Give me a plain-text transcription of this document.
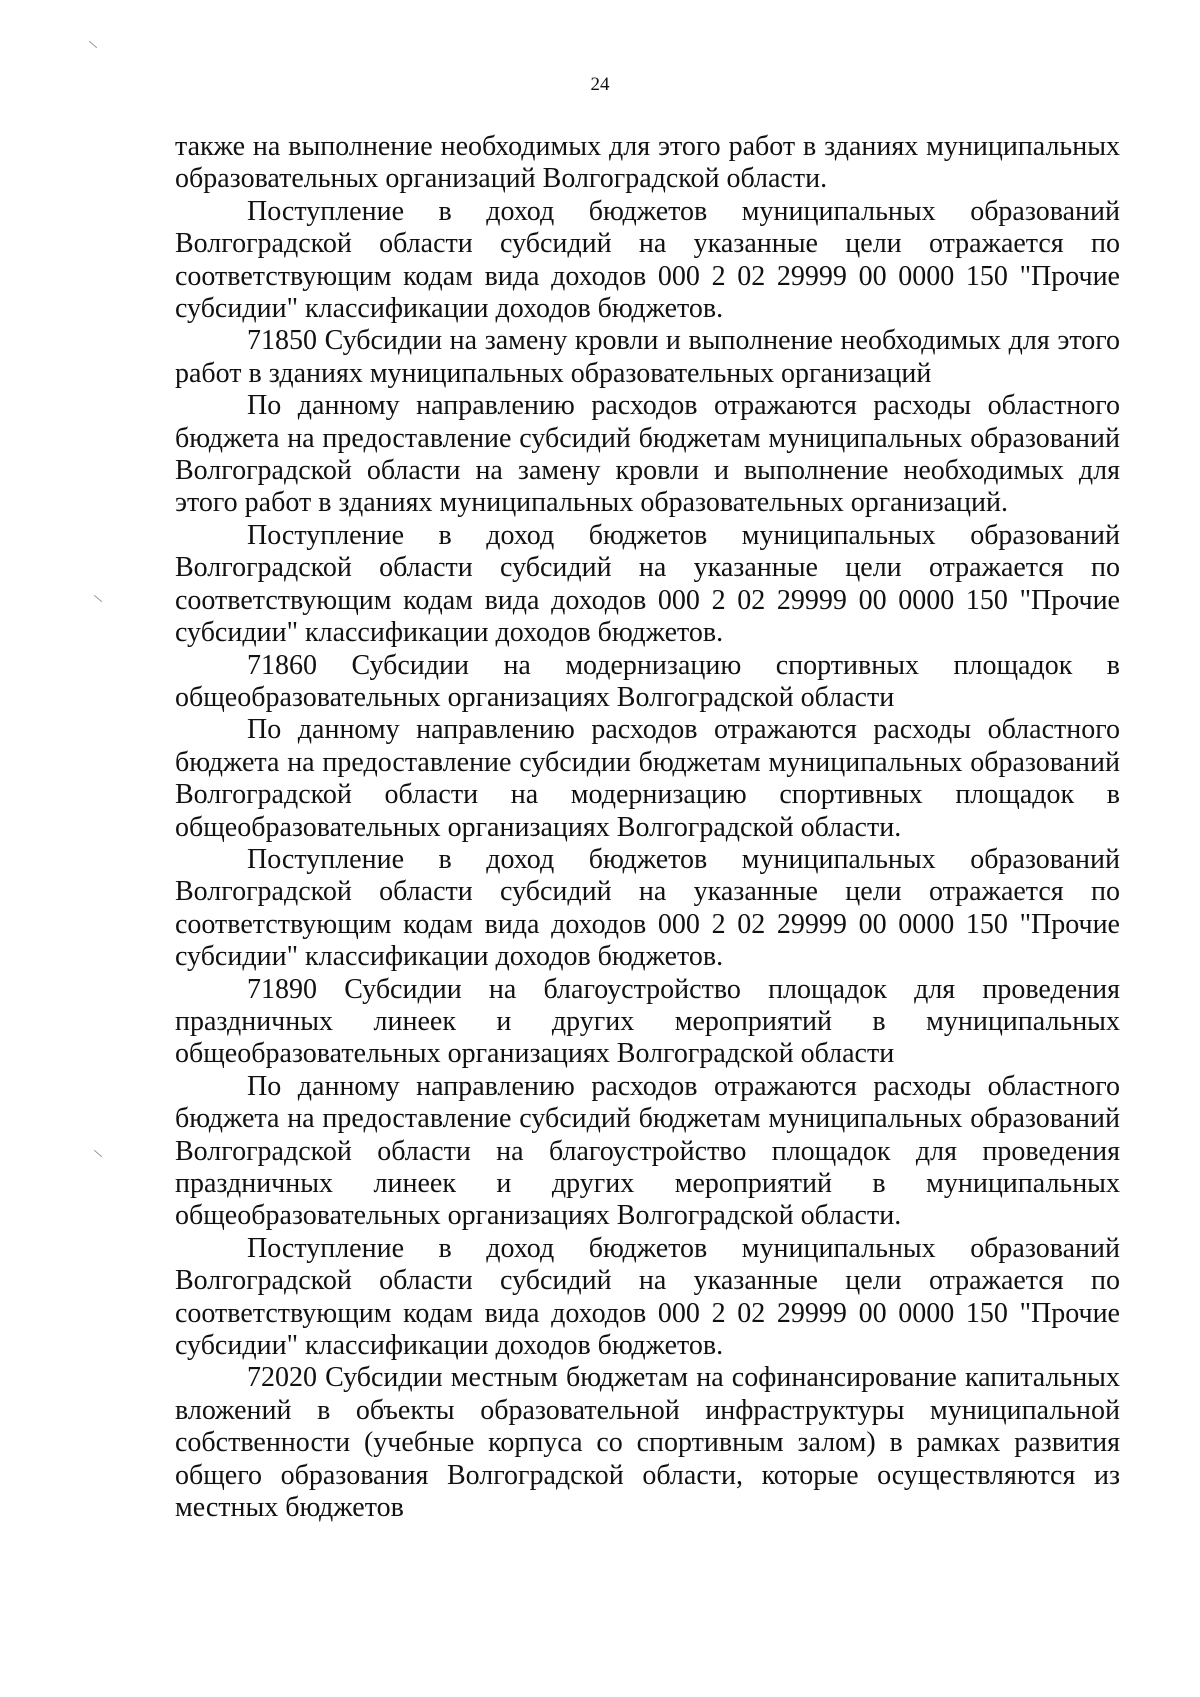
24

также на выполнение необходимых для этого работ в зданиях муниципальных образовательных организаций Волгоградской области.

Поступление в доход бюджетов муниципальных образований Волгоградской области субсидий на указанные цели отражается по соответствующим кодам вида доходов 000 2 02 29999 00 0000 150 "Прочие субсидии" классификации доходов бюджетов.

71850 Субсидии на замену кровли и выполнение необходимых для этого работ в зданиях муниципальных образовательных организаций

По данному направлению расходов отражаются расходы областного бюджета на предоставление субсидий бюджетам муниципальных образований Волгоградской области на замену кровли и выполнение необходимых для этого работ в зданиях муниципальных образовательных организаций.

Поступление в доход бюджетов муниципальных образований Волгоградской области субсидий на указанные цели отражается по соответствующим кодам вида доходов 000 2 02 29999 00 0000 150 "Прочие субсидии" классификации доходов бюджетов.

71860 Субсидии на модернизацию спортивных площадок в общеобразовательных организациях Волгоградской области

По данному направлению расходов отражаются расходы областного бюджета на предоставление субсидии бюджетам муниципальных образований Волгоградской области на модернизацию спортивных площадок в общеобразовательных организациях Волгоградской области.

Поступление в доход бюджетов муниципальных образований Волгоградской области субсидий на указанные цели отражается по соответствующим кодам вида доходов 000 2 02 29999 00 0000 150 "Прочие субсидии" классификации доходов бюджетов.

71890 Субсидии на благоустройство площадок для проведения праздничных линеек и других мероприятий в муниципальных общеобразовательных организациях Волгоградской области

По данному направлению расходов отражаются расходы областного бюджета на предоставление субсидий бюджетам муниципальных образований Волгоградской области на благоустройство площадок для проведения праздничных линеек и других мероприятий в муниципальных общеобразовательных организациях Волгоградской области.

Поступление в доход бюджетов муниципальных образований Волгоградской области субсидий на указанные цели отражается по соответствующим кодам вида доходов 000 2 02 29999 00 0000 150 "Прочие субсидии" классификации доходов бюджетов.

72020 Субсидии местным бюджетам на софинансирование капитальных вложений в объекты образовательной инфраструктуры муниципальной собственности (учебные корпуса со спортивным залом) в рамках развития общего образования Волгоградской области, которые осуществляются из местных бюджетов
